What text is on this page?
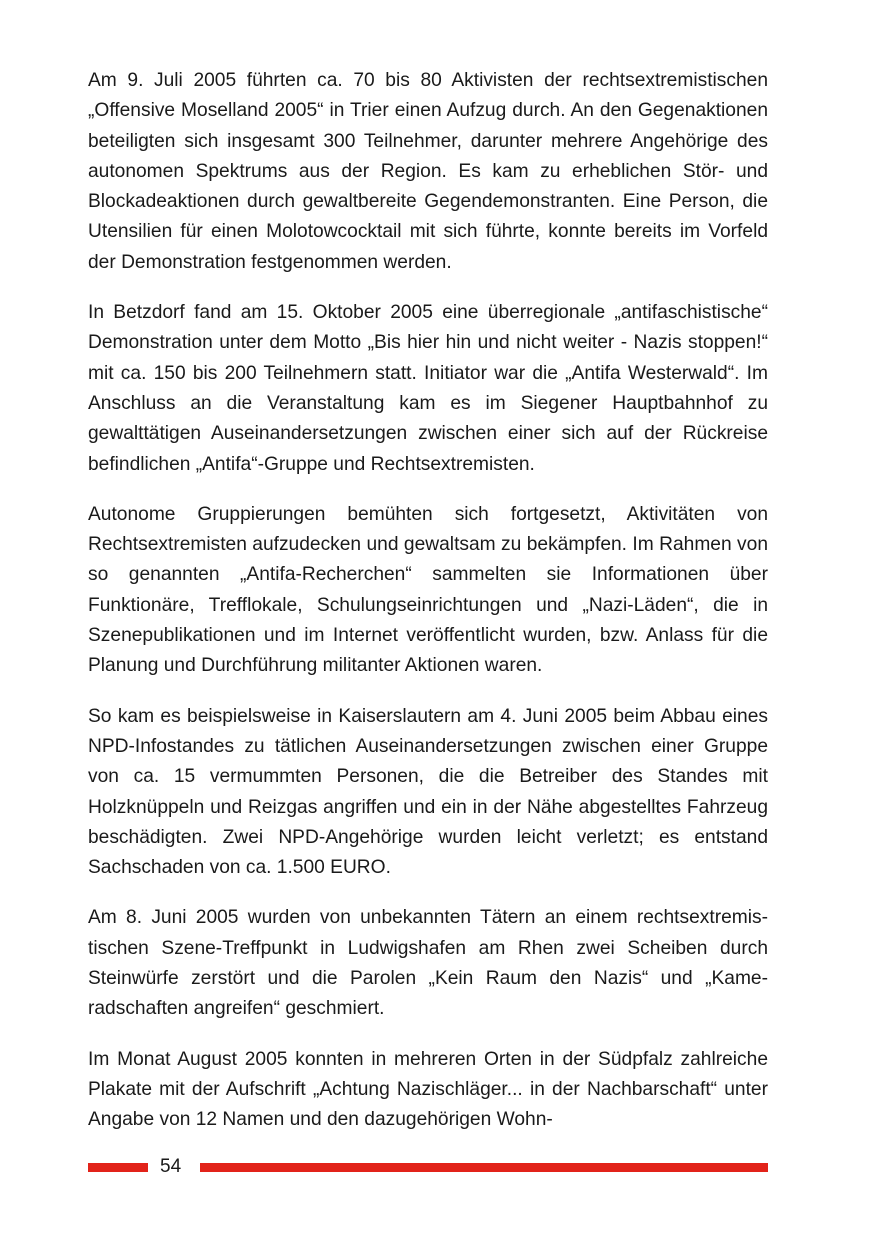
Am 9. Juli 2005 führten ca. 70 bis 80 Aktivisten der rechtsextremistischen „Offensive Moselland 2005“ in Trier einen Aufzug durch. An den Gegenaktionen beteiligten sich insgesamt 300 Teilnehmer, darunter mehrere Angehörige des autonomen Spektrums aus der Region. Es kam zu erheblichen Stör- und Blockadeaktionen durch gewaltbereite Gegendemonstranten. Eine Person, die Utensilien für einen Molotowcocktail mit sich führte, konnte bereits im Vorfeld der Demonstration festgenommen werden.

In Betzdorf fand am 15. Oktober 2005 eine überregionale „antifaschistische“ Demonstration unter dem Motto „Bis hier hin und nicht weiter - Nazis stoppen!“ mit ca. 150 bis 200 Teilnehmern statt. Initiator war die „Antifa Westerwald“. Im Anschluss an die Veranstaltung kam es im Siegener Hauptbahnhof zu gewalttätigen Auseinandersetzungen zwischen einer sich auf der Rückreise befindlichen „Antifa“-Gruppe und Rechtsextremisten.

Autonome Gruppierungen bemühten sich fortgesetzt, Aktivitäten von Rechtsextremisten aufzudecken und gewaltsam zu bekämpfen. Im Rahmen von so genannten „Antifa-Recherchen“ sammelten sie Informationen über Funktionäre, Trefflokale, Schulungseinrichtungen und „Nazi-Läden“, die in Szenepublikationen und im Internet veröffentlicht wurden, bzw. Anlass für die Planung und Durchführung militanter Aktionen waren.

So kam es beispielsweise in Kaiserslautern am 4. Juni 2005 beim Abbau eines NPD-Infostandes zu tätlichen Auseinandersetzungen zwischen einer Gruppe von ca. 15 vermummten Personen, die die Betreiber des Standes mit Holzknüppeln und Reizgas angriffen und ein in der Nähe abgestelltes Fahrzeug beschädigten. Zwei NPD-Angehörige wurden leicht verletzt; es entstand Sachschaden von ca. 1.500 EURO.

Am 8. Juni 2005 wurden von unbekannten Tätern an einem rechtsextremistischen Szene-Treffpunkt in Ludwigshafen am Rhen zwei Scheiben durch Steinwürfe zerstört und die Parolen „Kein Raum den Nazis“ und „Kameradschaften angreifen“ geschmiert.

Im Monat August 2005 konnten in mehreren Orten in der Südpfalz zahlreiche Plakate mit der Aufschrift „Achtung Nazischläger... in der Nachbarschaft“ unter Angabe von 12 Namen und den dazugehörigen Wohn-

54
